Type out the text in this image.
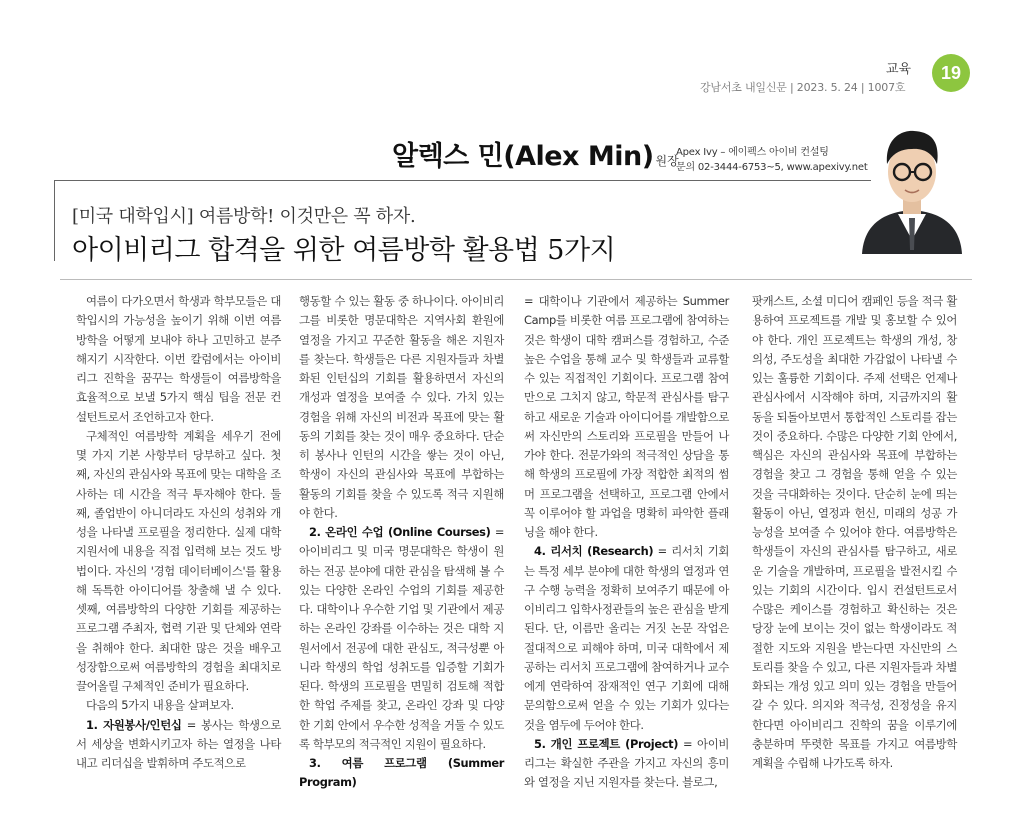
교육
강남서초 내일신문 | 2023. 5. 24 | 1007호
19
알렉스 민(Alex Min) 원장
Apex Ivy – 에이펙스 아이비 컨설팅
문의 02-3444-6753~5, www.apexivy.net
[미국 대학입시] 여름방학! 이것만은 꼭 하자.
아이비리그 합격을 위한 여름방학 활용법 5가지

여름이 다가오면서 학생과 학부모들은 대학입시의 가능성을 높이기 위해 이번 여름방학을 어떻게 보내야 하나 고민하고 분주해지기 시작한다. 이번 칼럼에서는 아이비리그 진학을 꿈꾸는 학생들이 여름방학을 효율적으로 보낼 5가지 핵심 팁을 전문 컨설턴트로서 조언하고자 한다.

구체적인 여름방학 계획을 세우기 전에 몇 가지 기본 사항부터 당부하고 싶다. 첫째, 자신의 관심사와 목표에 맞는 대학을 조사하는 데 시간을 적극 투자해야 한다. 둘째, 졸업반이 아니더라도 자신의 성취와 개성을 나타낼 프로필을 정리한다. 실제 대학 지원서에 내용을 직접 입력해 보는 것도 방법이다. 자신의 '경험 데이터베이스'를 활용해 독특한 아이디어를 창출해 낼 수 있다. 셋째, 여름방학의 다양한 기회를 제공하는 프로그램 주최자, 협력 기관 및 단체와 연락을 취해야 한다. 최대한 많은 것을 배우고 성장함으로써 여름방학의 경험을 최대치로 끌어올릴 구체적인 준비가 필요하다.

다음의 5가지 내용을 살펴보자.

1. 자원봉사/인턴십 = 봉사는 학생으로서 세상을 변화시키고자 하는 열정을 나타내고 리더십을 발휘하며 주도적으로

행동할 수 있는 활동 중 하나이다. 아이비리그를 비롯한 명문대학은 지역사회 환원에 열정을 가지고 꾸준한 활동을 해온 지원자를 찾는다. 학생들은 다른 지원자들과 차별화된 인턴십의 기회를 활용하면서 자신의 개성과 열정을 보여줄 수 있다. 가치 있는 경험을 위해 자신의 비전과 목표에 맞는 활동의 기회를 찾는 것이 매우 중요하다. 단순히 봉사나 인턴의 시간을 쌓는 것이 아닌, 학생이 자신의 관심사와 목표에 부합하는 활동의 기회를 찾을 수 있도록 적극 지원해야 한다.

2. 온라인 수업 (Online Courses) = 아이비리그 및 미국 명문대학은 학생이 원하는 전공 분야에 대한 관심을 탐색해 볼 수 있는 다양한 온라인 수업의 기회를 제공한다. 대학이나 우수한 기업 및 기관에서 제공하는 온라인 강좌를 이수하는 것은 대학 지원서에서 전공에 대한 관심도, 적극성뿐 아니라 학생의 학업 성취도를 입증할 기회가 된다. 학생의 프로필을 면밀히 검토해 적합한 학업 주제를 찾고, 온라인 강좌 및 다양한 기회 안에서 우수한 성적을 거둘 수 있도록 학부모의 적극적인 지원이 필요하다.

3. 여름 프로그램 (Summer Program)

= 대학이나 기관에서 제공하는 Summer Camp를 비롯한 여름 프로그램에 참여하는 것은 학생이 대학 캠퍼스를 경험하고, 수준 높은 수업을 통해 교수 및 학생들과 교류할 수 있는 직접적인 기회이다. 프로그램 참여만으로 그치지 않고, 학문적 관심사를 탐구하고 새로운 기술과 아이디어를 개발함으로써 자신만의 스토리와 프로필을 만들어 나가야 한다. 전문가와의 적극적인 상담을 통해 학생의 프로필에 가장 적합한 최적의 썸머 프로그램을 선택하고, 프로그램 안에서 꼭 이루어야 할 과업을 명확히 파악한 플래닝을 해야 한다.

4. 리서치 (Research) = 리서치 기회는 특정 세부 분야에 대한 학생의 열정과 연구 수행 능력을 정확히 보여주기 때문에 아이비리그 입학사정관들의 높은 관심을 받게 된다. 단, 이름만 올리는 거짓 논문 작업은 절대적으로 피해야 하며, 미국 대학에서 제공하는 리서치 프로그램에 참여하거나 교수에게 연락하여 잠재적인 연구 기회에 대해 문의함으로써 얻을 수 있는 기회가 있다는 것을 염두에 두어야 한다.

5. 개인 프로젝트 (Project) = 아이비리그는 확실한 주관을 가지고 자신의 흥미와 열정을 지닌 지원자를 찾는다. 블로그,

팟캐스트, 소셜 미디어 캠페인 등을 적극 활용하여 프로젝트를 개발 및 홍보할 수 있어야 한다. 개인 프로젝트는 학생의 개성, 창의성, 주도성을 최대한 가감없이 나타낼 수 있는 훌륭한 기회이다. 주제 선택은 언제나 관심사에서 시작해야 하며, 지금까지의 활동을 되돌아보면서 통합적인 스토리를 잡는 것이 중요하다. 수많은 다양한 기회 안에서, 핵심은 자신의 관심사와 목표에 부합하는 경험을 찾고 그 경험을 통해 얻을 수 있는 것을 극대화하는 것이다. 단순히 눈에 띄는 활동이 아닌, 열정과 헌신, 미래의 성공 가능성을 보여줄 수 있어야 한다. 여름방학은 학생들이 자신의 관심사를 탐구하고, 새로운 기술을 개발하며, 프로필을 발전시킬 수 있는 기회의 시간이다. 입시 컨설턴트로서 수많은 케이스를 경험하고 확신하는 것은 당장 눈에 보이는 것이 없는 학생이라도 적절한 지도와 지원을 받는다면 자신만의 스토리를 찾을 수 있고, 다른 지원자들과 차별화되는 개성 있고 의미 있는 경험을 만들어 갈 수 있다. 의지와 적극성, 진정성을 유지한다면 아이비리그 진학의 꿈을 이루기에 충분하며 뚜렷한 목표를 가지고 여름방학 계획을 수립해 나가도록 하자.
